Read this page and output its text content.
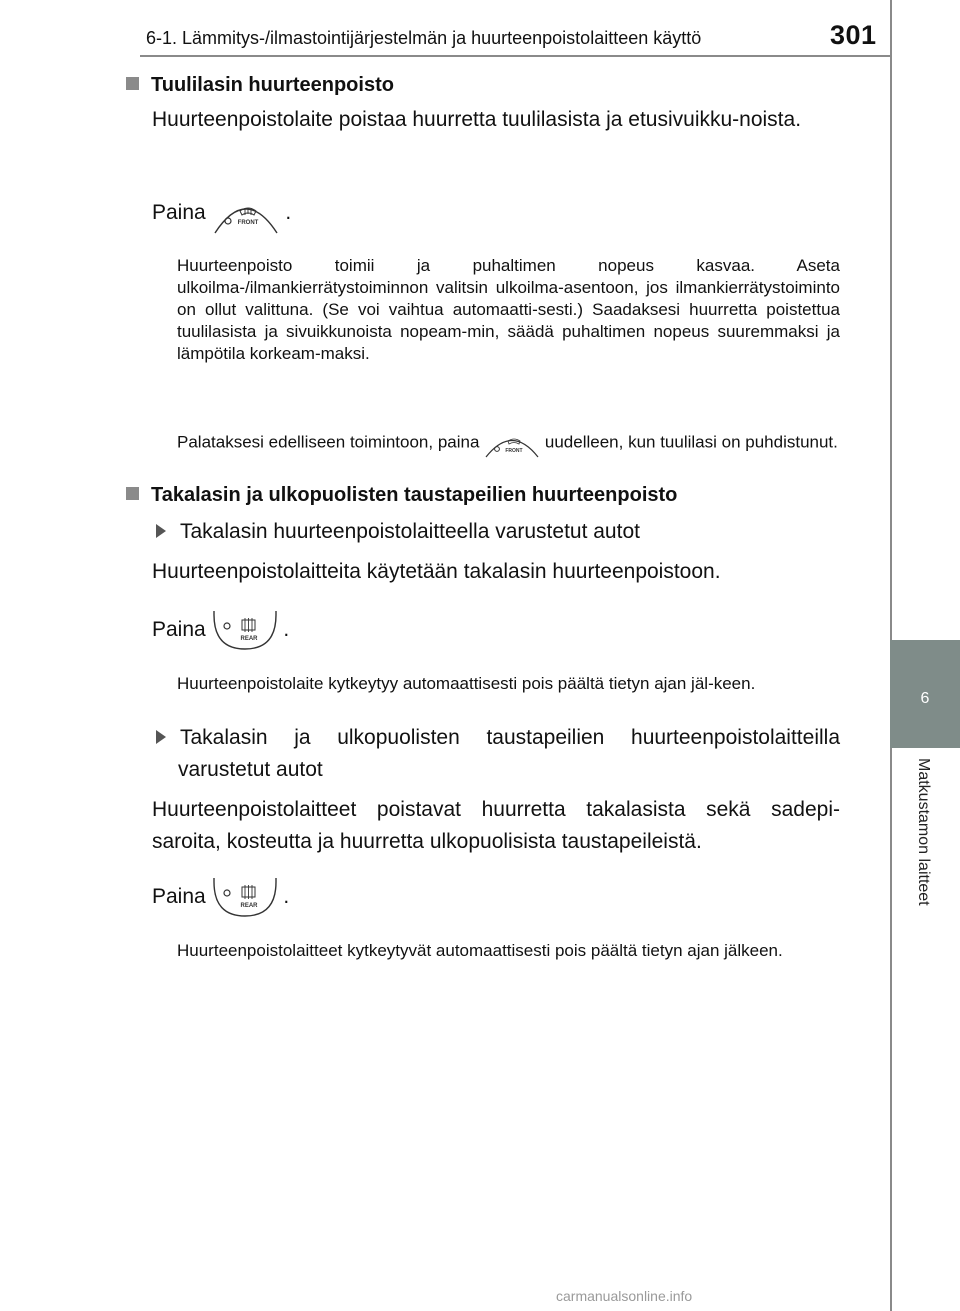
6-1. Lämmitys-/ilmastointijärjestelmän ja huurteenpoistolaitteen käyttö	301
6
Matkustamon laitteet
Tuulilasin huurteenpoisto
Huurteenpoistolaite poistaa huurretta tuulilasista ja etusivuikku-noista.
Paina	FRONT .
Huurteenpoisto toimii ja puhaltimen nopeus kasvaa. Aseta ulkoilma-/ilmankierrätystoiminnon valitsin ulkoilma-asentoon, jos ilmankierrätystoiminto on ollut valittuna. (Se voi vaihtua automaatti-sesti.) Saadaksesi huurretta poistettua tuulilasista ja sivuikkunoista nopeam-min, säädä puhaltimen nopeus suuremmaksi ja lämpötila korkeam-maksi.
Palataksesi edelliseen toimintoon, paina	FRONT uudelleen, kun tuulilasi on puhdistunut.
Takalasin ja ulkopuolisten taustapeilien huurteenpoisto
Takalasin huurteenpoistolaitteella varustetut autot
Huurteenpoistolaitteita käytetään takalasin huurteenpoistoon.
Paina	REAR .
Huurteenpoistolaite kytkeytyy automaattisesti pois päältä tietyn ajan jäl-keen.
Takalasin ja ulkopuolisten taustapeilien huurteenpoistolaitteilla
varustetut autot
Huurteenpoistolaitteet poistavat huurretta takalasista sekä sadepi-
saroita, kosteutta ja huurretta ulkopuolisista taustapeileistä.
Paina	REAR .
Huurteenpoistolaitteet kytkeytyvät automaattisesti pois päältä tietyn ajan jälkeen.
carmanualsonline.info
